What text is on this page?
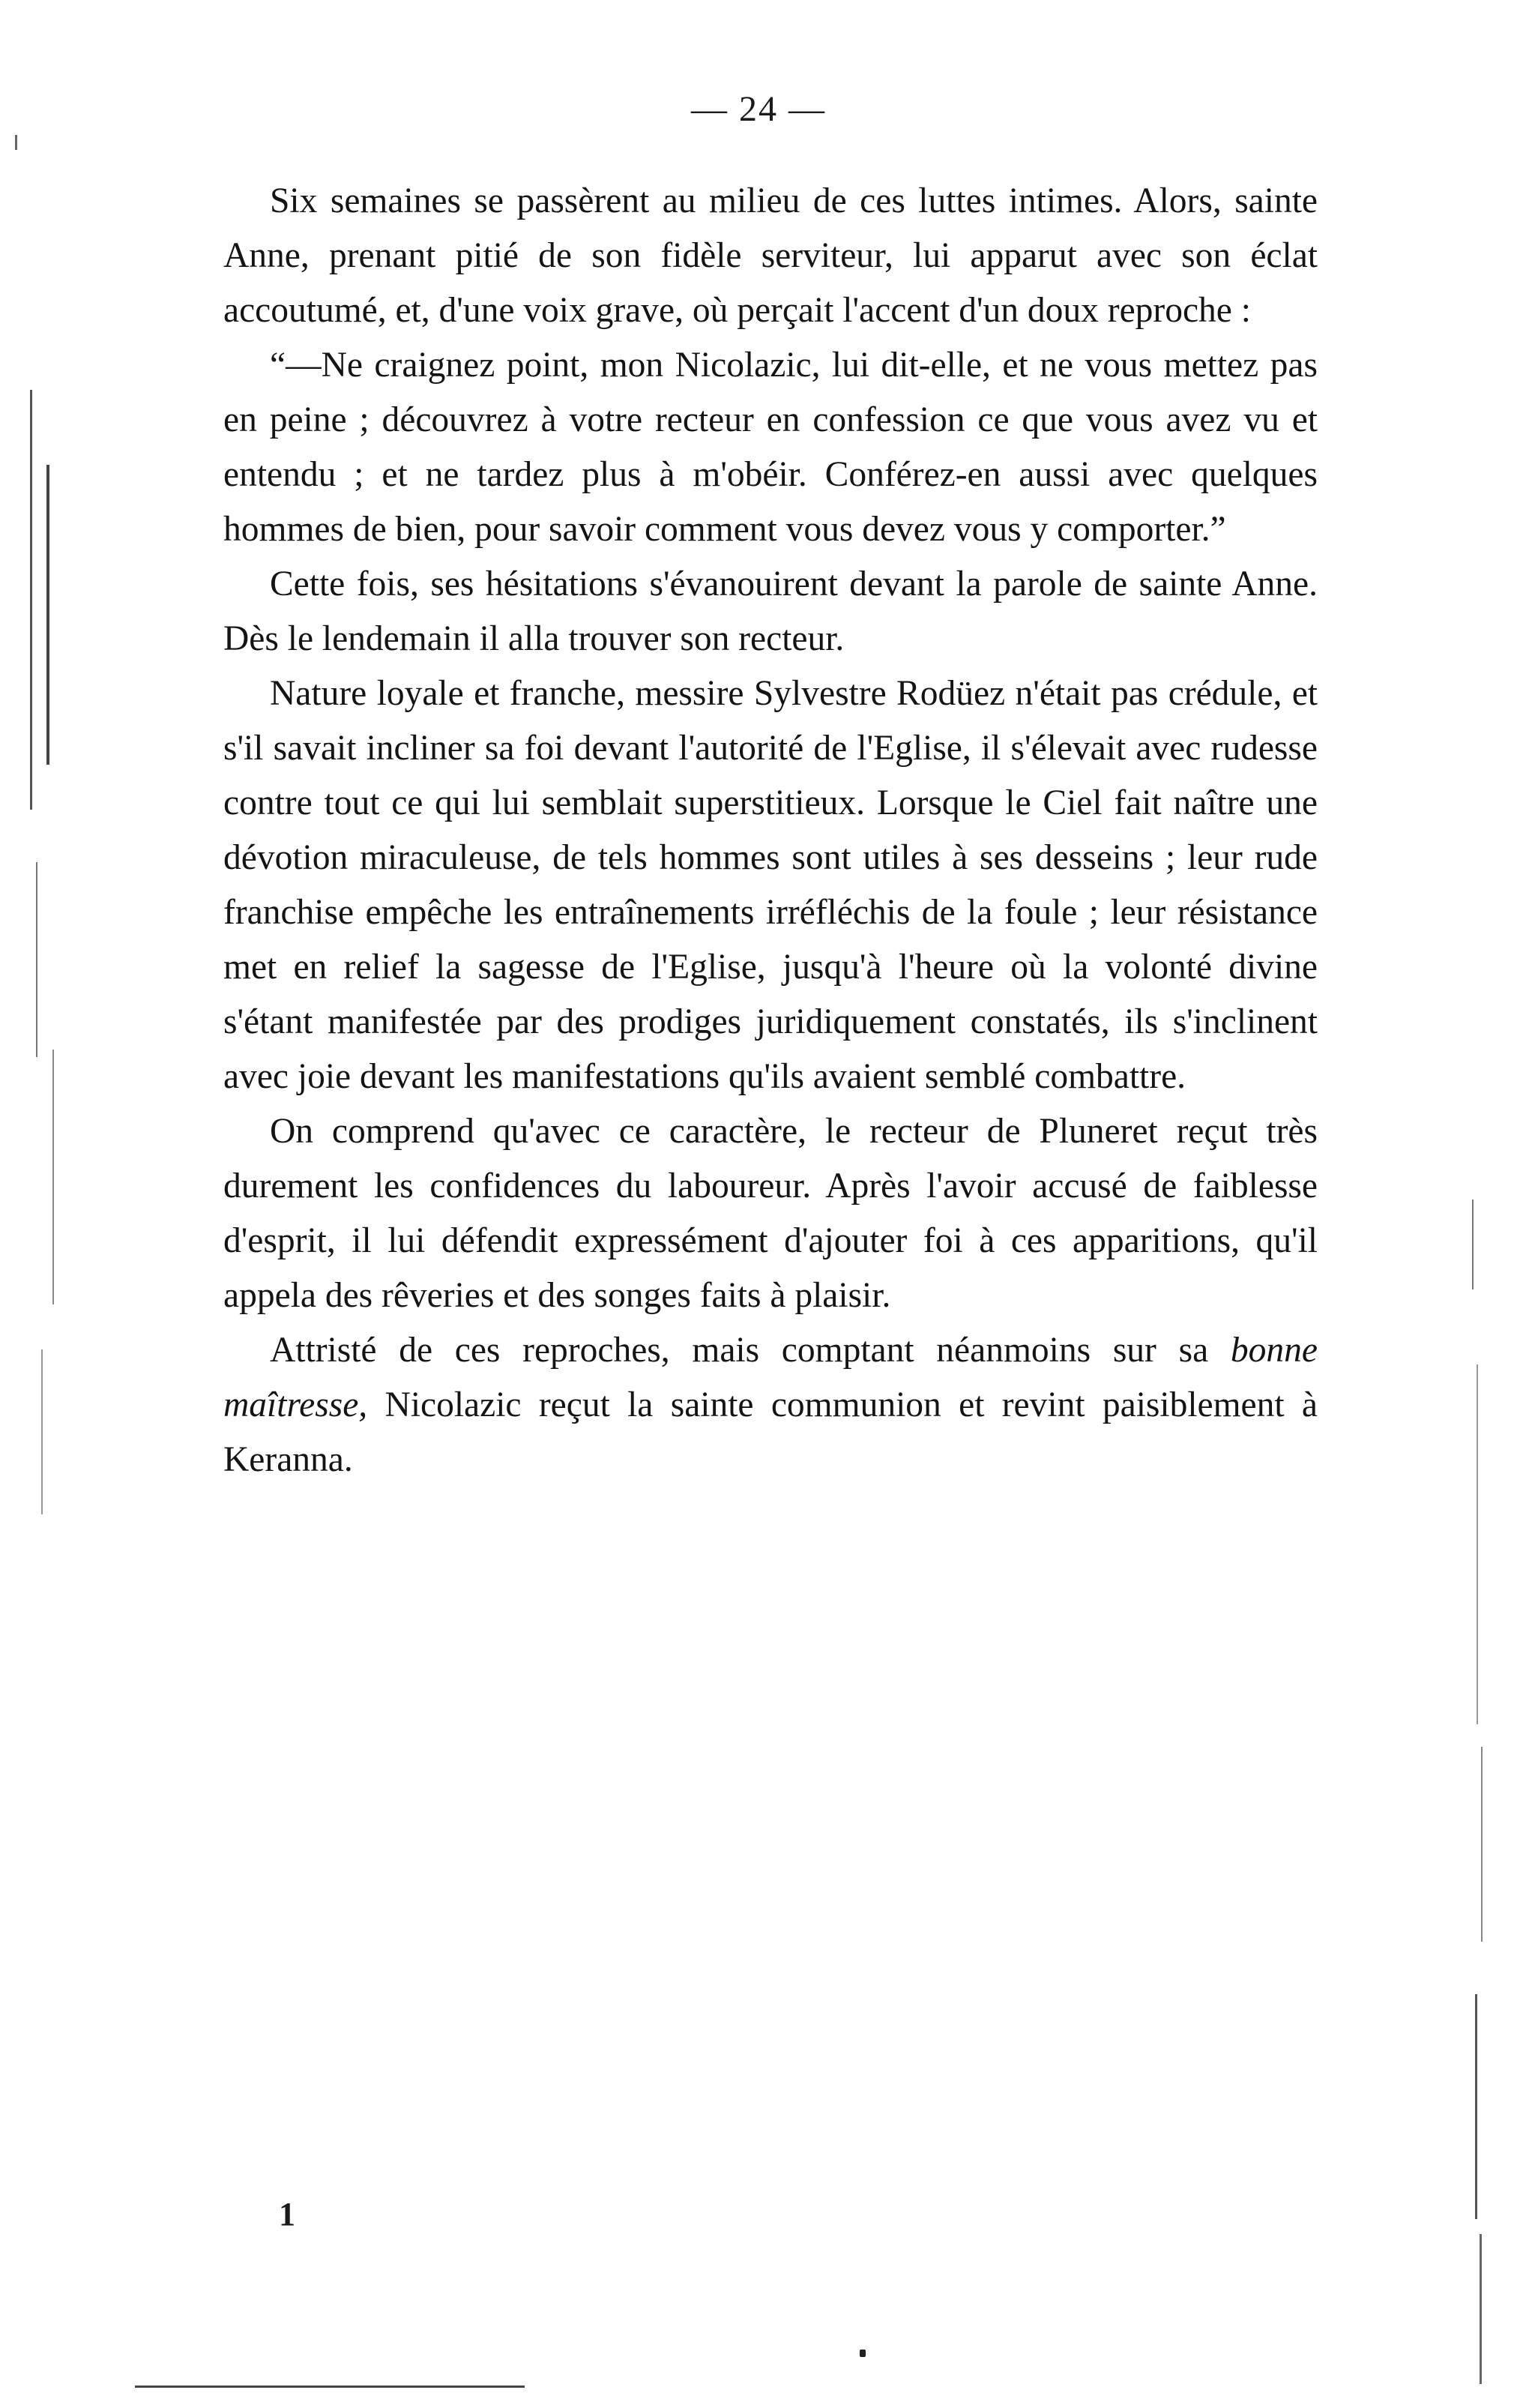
— 24 —

Six semaines se passèrent au milieu de ces luttes intimes. Alors, sainte Anne, prenant pitié de son fidèle serviteur, lui apparut avec son éclat accoutumé, et, d'une voix grave, où perçait l'accent d'un doux reproche :

“—Ne craignez point, mon Nicolazic, lui dit-elle, et ne vous mettez pas en peine ; découvrez à votre recteur en confession ce que vous avez vu et entendu ; et ne tardez plus à m'obéir. Conférez-en aussi avec quelques hommes de bien, pour savoir comment vous devez vous y comporter.”

Cette fois, ses hésitations s'évanouirent devant la parole de sainte Anne. Dès le lendemain il alla trouver son recteur.

Nature loyale et franche, messire Sylvestre Rodüez n'était pas crédule, et s'il savait incliner sa foi devant l'autorité de l'Eglise, il s'élevait avec rudesse contre tout ce qui lui semblait superstitieux. Lorsque le Ciel fait naître une dévotion miraculeuse, de tels hommes sont utiles à ses desseins ; leur rude franchise empêche les entraînements irréfléchis de la foule ; leur résistance met en relief la sagesse de l'Eglise, jusqu'à l'heure où la volonté divine s'étant manifestée par des prodiges juridiquement constatés, ils s'inclinent avec joie devant les manifestations qu'ils avaient semblé combattre.

On comprend qu'avec ce caractère, le recteur de Pluneret reçut très durement les confidences du laboureur. Après l'avoir accusé de faiblesse d'esprit, il lui défendit expressément d'ajouter foi à ces apparitions, qu'il appela des rêveries et des songes faits à plaisir.

Attristé de ces reproches, mais comptant néanmoins sur sa bonne maîtresse, Nicolazic reçut la sainte communion et revint paisiblement à Keranna.

1
